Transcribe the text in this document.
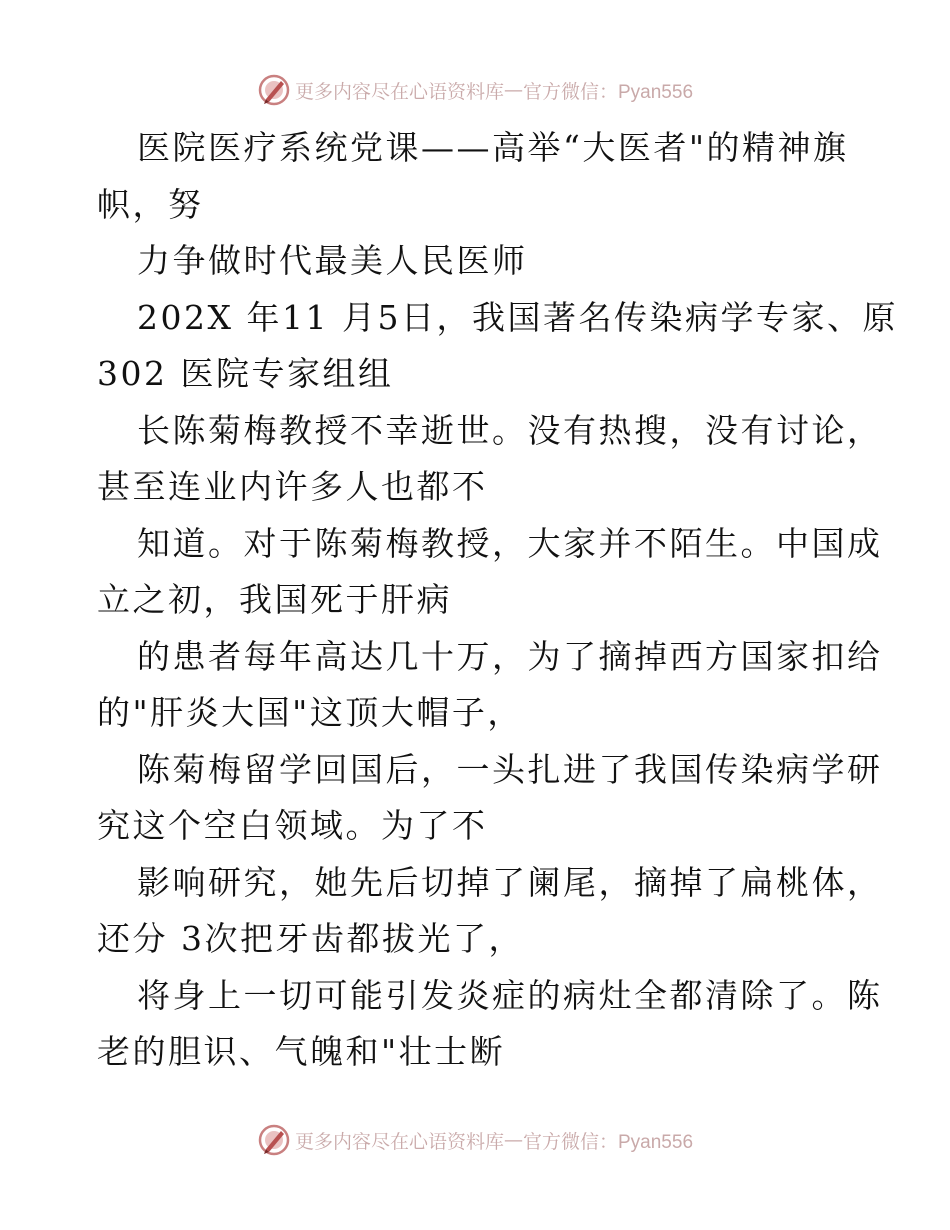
更多内容尽在心语资料库 — 官方微信：Pyan556
医院医疗系统党课——高举“大医者"的精神旗
帜，努
力争做时代最美人民医师
202X 年11 月5日，我国著名传染病学专家、原
302 医院专家组组
长陈菊梅教授不幸逝世。没有热搜，没有讨论，
甚至连业内许多人也都不
知道。对于陈菊梅教授，大家并不陌生。中国成
立之初，我国死于肝病
的患者每年高达几十万，为了摘掉西方国家扣给
的"肝炎大国"这顶大帽子，
陈菊梅留学回国后，一头扎进了我国传染病学研
究这个空白领域。为了不
影响研究，她先后切掉了阑尾，摘掉了扁桃体，
还分 3次把牙齿都拔光了，
将身上一切可能引发炎症的病灶全都清除了。陈
老的胆识、气魄和"壮士断
更多内容尽在心语资料库 — 官方微信：Pyan556
